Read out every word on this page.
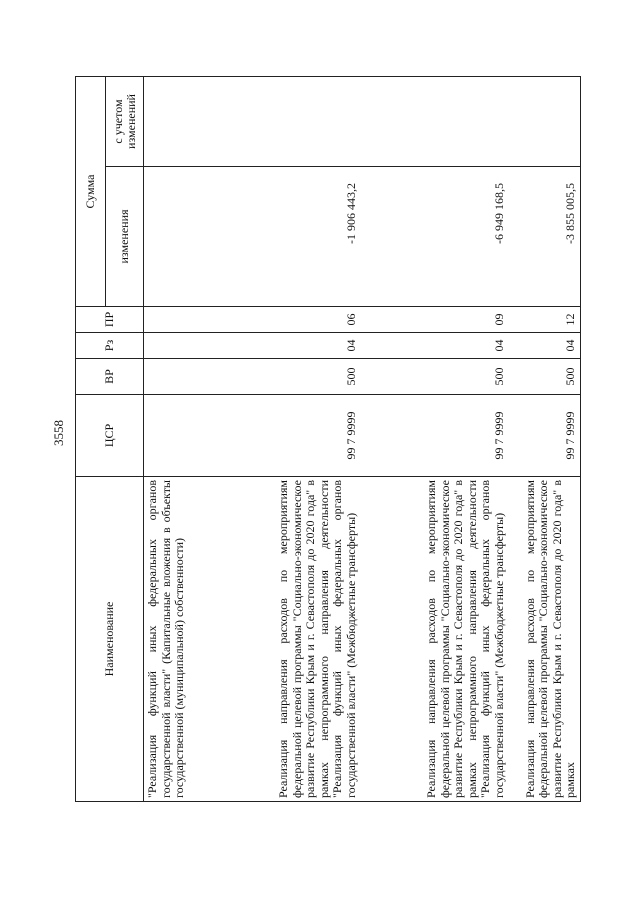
3558
Наименование	ЦСР	ВР	Рз	ПР	Сумма	
					изменения	с учетом изменений

"Реализация функций иных федеральных органов государственной власти" (Капитальные вложения в объекты государственной (муниципальной) собственности)						

Реализация направления расходов по мероприятиям федеральной целевой программы "Социально-экономическое развитие Республики Крым и г. Севастополя до 2020 года" в рамках непрограммного направления деятельности "Реализация функций иных федеральных органов государственной власти" (Межбюджетные трансферты)	99 7 9999	500	04	06	-1 906 443,2	

Реализация направления расходов по мероприятиям федеральной целевой программы "Социально-экономическое развитие Республики Крым и г. Севастополя до 2020 года" в рамках непрограммного направления деятельности "Реализация функций иных федеральных органов государственной власти" (Межбюджетные трансферты)	99 7 9999	500	04	09	-6 949 168,5	

Реализация направления расходов по мероприятиям федеральной целевой программы "Социально-экономическое развитие Республики Крым и г. Севастополя до 2020 года" в рамках	99 7 9999	500	04	12	-3 855 005,5	
